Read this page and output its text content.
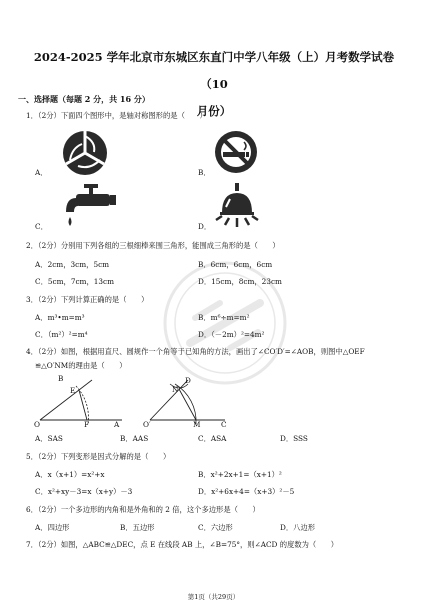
2024-2025 学年北京市东城区东直门中学八年级（上）月考数学试卷（10
月份）
一、选择题（每题 2 分，共 16 分）
1．（2分）下面四个图形中，是轴对称图形的是（　　）
A．	B．
C．	D．
2．（2分）分别用下列各组的三根细棒来围三角形，能围成三角形的是（　　）
A．2cm，3cm，5cm	B．6cm，6cm，6cm
C．5cm，7cm，13cm	D．15cm，8cm，23cm
3．（2分）下列计算正确的是（　　）
A．m³•m=m³	B．m⁶÷m=m²
C．（m²）²=m⁴	D．（－2m）²=4m²
4．（2分）如图，根据用直尺、圆规作一个角等于已知角的方法，画出了∠CO′D′=∠AOB，则图中△OEF
≌△O′NM的理由是（　　）
B
E
O	F	A
D
N
O′	M	C
A．SAS	B．AAS	C．ASA	D．SSS
5．（2分）下列变形是因式分解的是（　　）
A．x（x+1）=x²+x	B．x²+2x+1=（x+1）²
C．x²+xy－3=x（x+y）－3	D．x²+6x+4=（x+3）²－5
6．（2分）一个多边形的内角和是外角和的 2 倍，这个多边形是（　　）
A．四边形	B．五边形	C．六边形	D．八边形
7．（2分）如图，△ABC≌△DEC，点 E 在线段 AB 上，∠B=75°，则∠ACD 的度数为（　　）
第1页（共29页）
